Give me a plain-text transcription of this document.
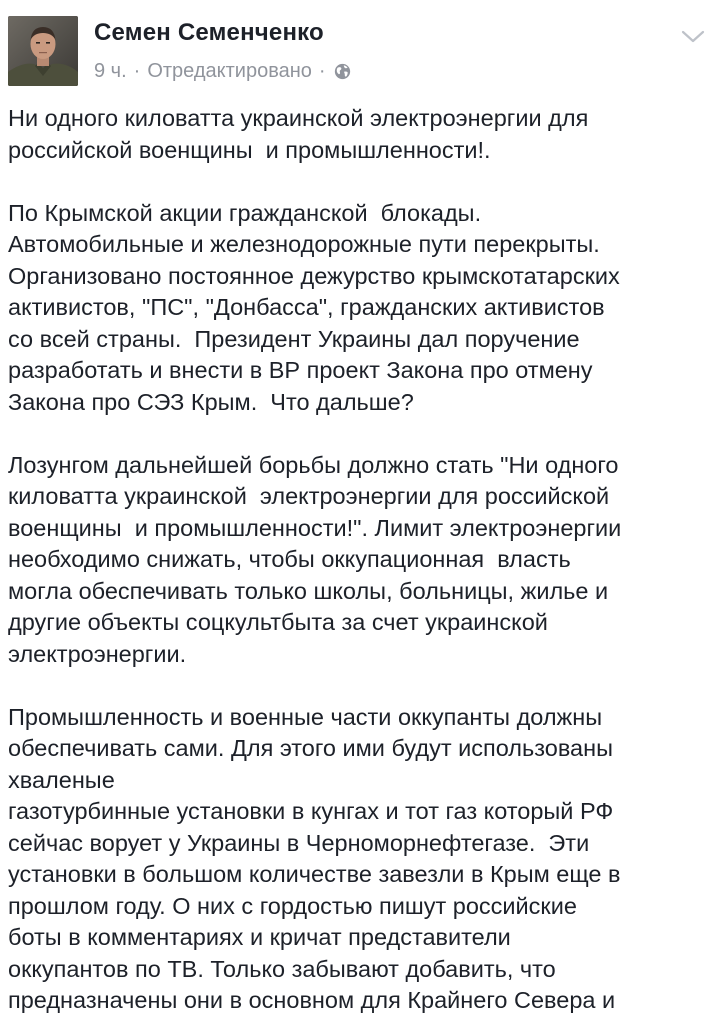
Семен Семенченко
9 ч. · Отредактировано ·
Ни одного киловатта украинской электроэнергии для
российской военщины  и промышленности!.
По Крымской акции гражданской  блокады.
Автомобильные и железнодорожные пути перекрыты.
Организовано постоянное дежурство крымскотатарских
активистов, "ПС", "Донбасса", гражданских активистов
со всей страны.  Президент Украины дал поручение
разработать и внести в ВР проект Закона про отмену
Закона про СЭЗ Крым.  Что дальше?
Лозунгом дальнейшей борьбы должно стать "Ни одного
киловатта украинской  электроэнергии для российской
военщины  и промышленности!". Лимит электроэнергии
необходимо снижать, чтобы оккупационная  власть
могла обеспечивать только школы, больницы, жилье и
другие объекты соцкультбыта за счет украинской
электроэнергии.
Промышленность и военные части оккупанты должны
обеспечивать сами. Для этого ими будут использованы
хваленые
газотурбинные установки в кунгах и тот газ который РФ
сейчас ворует у Украины в Черноморнефтегазе.  Эти
установки в большом количестве завезли в Крым еще в
прошлом году. О них с гордостью пишут российские
боты в комментариях и кричат представители
оккупантов по ТВ. Только забывают добавить, что
предназначены они в основном для Крайнего Севера и
